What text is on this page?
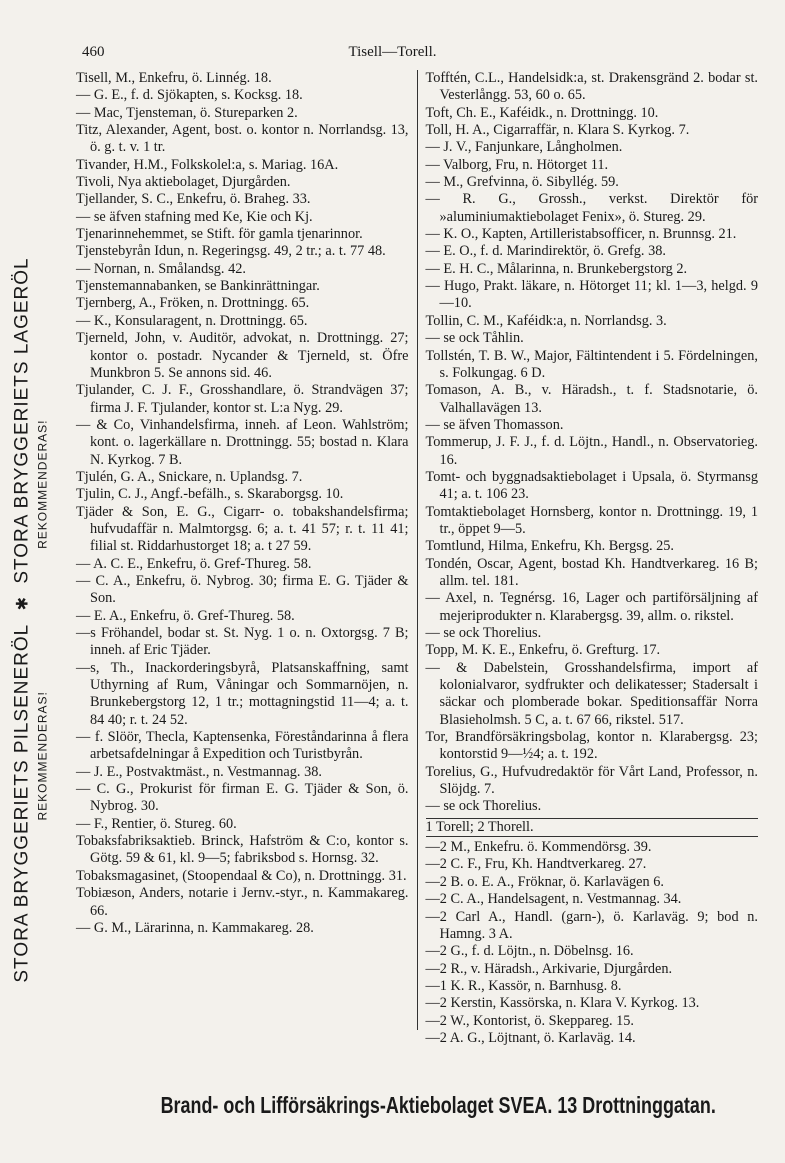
460	Tisell—Torell.
STORA BRYGGERIETS PILSENERÖL   ✱   STORA BRYGGERIETS LAGERÖL
REKOMMENDERAS!                                REKOMMENDERAS!
Tisell, M., Enkefru, ö. Linnég. 18.
— G. E., f. d. Sjökapten, s. Kocksg. 18.
— Mac, Tjensteman, ö. Stureparken 2.
Titz, Alexander, Agent, bost. o. kontor n. Norrlandsg. 13, ö. g. t. v. 1 tr.
Tivander, H.M., Folkskolel:a, s. Mariag. 16A.
Tivoli, Nya aktiebolaget, Djurgården.
Tjellander, S. C., Enkefru, ö. Braheg. 33.
— se äfven stafning med Ke, Kie och Kj.
Tjenarinnehemmet, se Stift. för gamla tjenarinnor.
Tjenstebyrån Idun, n. Regeringsg. 49, 2 tr.; a. t. 77 48.
— Nornan, n. Smålandsg. 42.
Tjenstemannabanken, se Bankinrättningar.
Tjernberg, A., Fröken, n. Drottningg. 65.
— K., Konsularagent, n. Drottningg. 65.
Tjerneld, John, v. Auditör, advokat, n. Drottningg. 27; kontor o. postadr. Nycander & Tjerneld, st. Öfre Munkbron 5. Se annons sid. 46.
Tjulander, C. J. F., Grosshandlare, ö. Strandvägen 37; firma J. F. Tjulander, kontor st. L:a Nyg. 29.
— & Co, Vinhandelsfirma, inneh. af Leon. Wahlström; kont. o. lagerkällare n. Drottningg. 55; bostad n. Klara N. Kyrkog. 7 B.
Tjulén, G. A., Snickare, n. Uplandsg. 7.
Tjulin, C. J., Angf.-befälh., s. Skaraborgsg. 10.
Tjäder & Son, E. G., Cigarr- o. tobakshandelsfirma; hufvudaffär n. Malmtorgsg. 6; a. t. 41 57; r. t. 11 41; filial st. Riddarhustorget 18; a. t 27 59.
— A. C. E., Enkefru, ö. Gref-Thureg. 58.
— C. A., Enkefru, ö. Nybrog. 30; firma E. G. Tjäder & Son.
— E. A., Enkefru, ö. Gref-Thureg. 58.
—s Fröhandel, bodar st. St. Nyg. 1 o. n. Oxtorgsg. 7 B; inneh. af Eric Tjäder.
—s, Th., Inackorderingsbyrå, Platsanskaffning, samt Uthyrning af Rum, Våningar och Sommarnöjen, n. Brunkebergstorg 12, 1 tr.; mottagningstid 11—4; a. t. 84 40; r. t. 24 52.
— f. Slöör, Thecla, Kaptensenka, Föreståndarinna å flera arbetsafdelningar å Expedition och Turistbyrån.
— J. E., Postvaktmäst., n. Vestmannag. 38.
— C. G., Prokurist för firman E. G. Tjäder & Son, ö. Nybrog. 30.
— F., Rentier, ö. Stureg. 60.
Tobaksfabriksaktieb. Brinck, Hafström & C:o, kontor s. Götg. 59 & 61, kl. 9—5; fabriksbod s. Hornsg. 32.
Tobaksmagasinet, (Stoopendaal & Co), n. Drottningg. 31.
Tobiæson, Anders, notarie i Jernv.-styr., n. Kammakareg. 66.
— G. M., Lärarinna, n. Kammakareg. 28.
Tofftén, C.L., Handelsidk:a, st. Drakensgränd 2. bodar st. Vesterlångg. 53, 60 o. 65.
Toft, Ch. E., Kaféidk., n. Drottningg. 10.
Toll, H. A., Cigarraffär, n. Klara S. Kyrkog. 7.
— J. V., Fanjunkare, Långholmen.
— Valborg, Fru, n. Hötorget 11.
— M., Grefvinna, ö. Sibyllég. 59.
— R. G., Grossh., verkst. Direktör för »aluminiumaktiebolaget Fenix», ö. Stureg. 29.
— K. O., Kapten, Artilleristabsofficer, n. Brunnsg. 21.
— E. O., f. d. Marindirektör, ö. Grefg. 38.
— E. H. C., Målarinna, n. Brunkebergstorg 2.
— Hugo, Prakt. läkare, n. Hötorget 11; kl. 1—3, helgd. 9—10.
Tollin, C. M., Kaféidk:a, n. Norrlandsg. 3.
— se ock Tåhlin.
Tollstén, T. B. W., Major, Fältintendent i 5. Fördelningen, s. Folkungag. 6 D.
Tomason, A. B., v. Häradsh., t. f. Stadsnotarie, ö. Valhallavägen 13.
— se äfven Thomasson.
Tommerup, J. F. J., f. d. Löjtn., Handl., n. Observatorieg. 16.
Tomt- och byggnadsaktiebolaget i Upsala, ö. Styrmansg 41; a. t. 106 23.
Tomtaktiebolaget Hornsberg, kontor n. Drottningg. 19, 1 tr., öppet 9—5.
Tomtlund, Hilma, Enkefru, Kh. Bergsg. 25.
Tondén, Oscar, Agent, bostad Kh. Handtverkareg. 16 B; allm. tel. 181.
— Axel, n. Tegnérsg. 16, Lager och partiförsäljning af mejeriprodukter n. Klarabergsg. 39, allm. o. rikstel.
— se ock Thorelius.
Topp, M. K. E., Enkefru, ö. Grefturg. 17.
— & Dabelstein, Grosshandelsfirma, import af kolonialvaror, sydfrukter och delikatesser; Stadersalt i säckar och plomberade bokar. Speditionsaffär Norra Blasieholmsh. 5 C, a. t. 67 66, rikstel. 517.
Tor, Brandförsäkringsbolag, kontor n. Klarabergsg. 23; kontorstid 9—½4; a. t. 192.
Torelius, G., Hufvudredaktör för Vårt Land, Professor, n. Slöjdg. 7.
— se ock Thorelius.
1 Torell; 2 Thorell.
—2 M., Enkefru. ö. Kommendörsg. 39.
—2 C. F., Fru, Kh. Handtverkareg. 27.
—2 B. o. E. A., Fröknar, ö. Karlavägen 6.
—2 C. A., Handelsagent, n. Vestmannag. 34.
—2 Carl A., Handl. (garn-), ö. Karlaväg. 9; bod n. Hamng. 3 A.
—2 G., f. d. Löjtn., n. Döbelnsg. 16.
—2 R., v. Häradsh., Arkivarie, Djurgården.
—1 K. R., Kassör, n. Barnhusg. 8.
—2 Kerstin, Kassörska, n. Klara V. Kyrkog. 13.
—2 W., Kontorist, ö. Skeppareg. 15.
—2 A. G., Löjtnant, ö. Karlaväg. 14.
Brand- och Lifförsäkrings-Aktiebolaget SVEA. 13 Drottninggatan.
